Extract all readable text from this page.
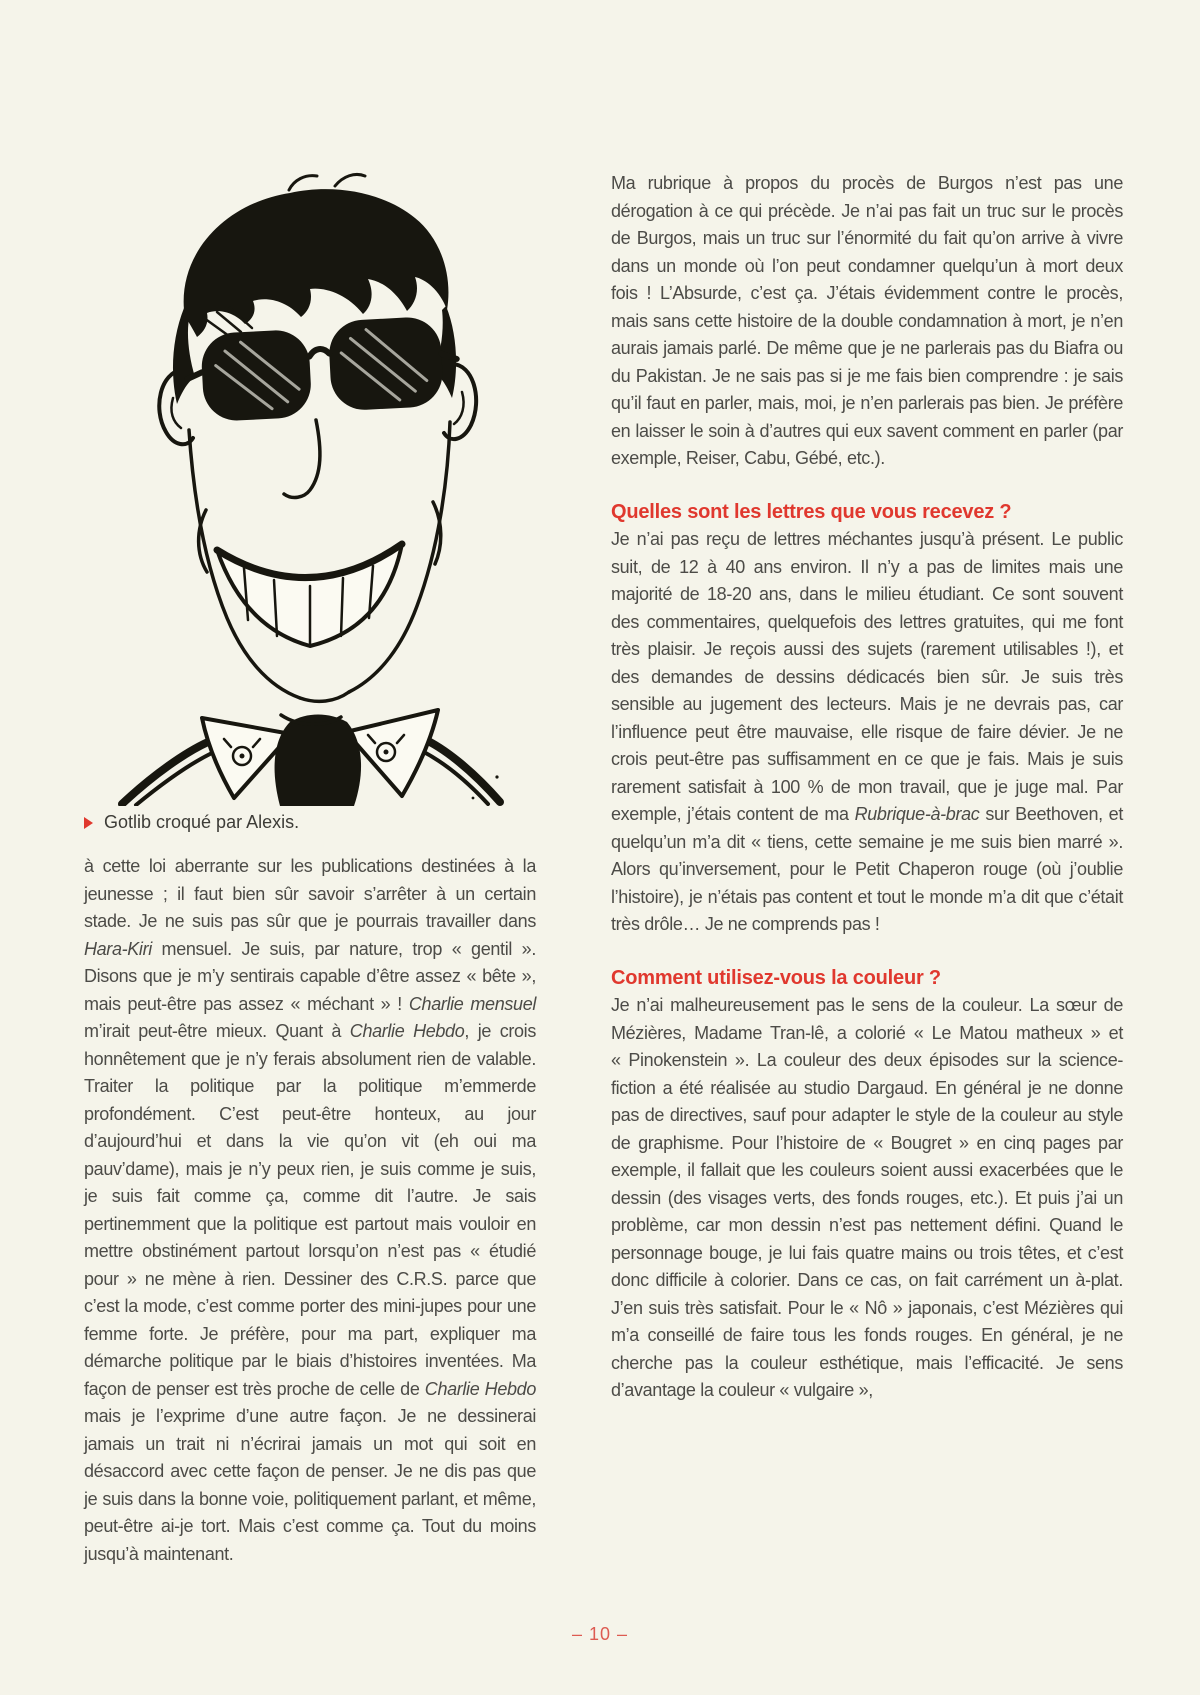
Gotlib croqué par Alexis.

à cette loi aberrante sur les publications destinées à la jeunesse ; il faut bien sûr savoir s’arrêter à un certain stade. Je ne suis pas sûr que je pourrais travailler dans Hara-Kiri mensuel. Je suis, par nature, trop « gentil ». Disons que je m’y sentirais capable d’être assez « bête », mais peut-être pas assez « méchant » ! Charlie mensuel m’irait peut-être mieux. Quant à Charlie Hebdo, je crois honnêtement que je n’y ferais absolument rien de valable. Traiter la politique par la politique m’emmerde profondément. C’est peut-être honteux, au jour d’aujourd’hui et dans la vie qu’on vit (eh oui ma pauv’dame), mais je n’y peux rien, je suis comme je suis, je suis fait comme ça, comme dit l’autre. Je sais pertinemment que la politique est partout mais vouloir en mettre obstinément partout lorsqu’on n’est pas « étudié pour » ne mène à rien. Dessiner des C.R.S. parce que c’est la mode, c’est comme porter des mini-jupes pour une femme forte. Je préfère, pour ma part, expliquer ma démarche politique par le biais d’histoires inventées. Ma façon de penser est très proche de celle de Charlie Hebdo mais je l’exprime d’une autre façon. Je ne dessinerai jamais un trait ni n’écrirai jamais un mot qui soit en désaccord avec cette façon de penser. Je ne dis pas que je suis dans la bonne voie, politiquement parlant, et même, peut-être ai-je tort. Mais c’est comme ça. Tout du moins jusqu’à maintenant.

Ma rubrique à propos du procès de Burgos n’est pas une dérogation à ce qui précède. Je n’ai pas fait un truc sur le procès de Burgos, mais un truc sur l’énormité du fait qu’on arrive à vivre dans un monde où l’on peut condamner quelqu’un à mort deux fois ! L’Absurde, c’est ça. J’étais évidemment contre le procès, mais sans cette histoire de la double condamnation à mort, je n’en aurais jamais parlé. De même que je ne parlerais pas du Biafra ou du Pakistan. Je ne sais pas si je me fais bien comprendre : je sais qu’il faut en parler, mais, moi, je n’en parlerais pas bien. Je préfère en laisser le soin à d’autres qui eux savent comment en parler (par exemple, Reiser, Cabu, Gébé, etc.).

Quelles sont les lettres que vous recevez ?

Je n’ai pas reçu de lettres méchantes jusqu’à présent. Le public suit, de 12 à 40 ans environ. Il n’y a pas de limites mais une majorité de 18-20 ans, dans le milieu étudiant. Ce sont souvent des commentaires, quelquefois des lettres gratuites, qui me font très plaisir. Je reçois aussi des sujets (rarement utilisables !), et des demandes de dessins dédicacés bien sûr. Je suis très sensible au jugement des lecteurs. Mais je ne devrais pas, car l’influence peut être mauvaise, elle risque de faire dévier. Je ne crois peut-être pas suffisamment en ce que je fais. Mais je suis rarement satisfait à 100 % de mon travail, que je juge mal. Par exemple, j’étais content de ma Rubrique-à-brac sur Beethoven, et quelqu’un m’a dit « tiens, cette semaine je me suis bien marré ». Alors qu’inversement, pour le Petit Chaperon rouge (où j’oublie l’histoire), je n’étais pas content et tout le monde m’a dit que c’était très drôle… Je ne comprends pas !

Comment utilisez-vous la couleur ?

Je n’ai malheureusement pas le sens de la couleur. La sœur de Mézières, Madame Tran-lê, a colorié « Le Matou matheux » et « Pinokenstein ». La couleur des deux épisodes sur la science-fiction a été réalisée au studio Dargaud. En général je ne donne pas de directives, sauf pour adapter le style de la couleur au style de graphisme. Pour l’histoire de « Bougret » en cinq pages par exemple, il fallait que les couleurs soient aussi exacerbées que le dessin (des visages verts, des fonds rouges, etc.). Et puis j’ai un problème, car mon dessin n’est pas nettement défini. Quand le personnage bouge, je lui fais quatre mains ou trois têtes, et c’est donc difficile à colorier. Dans ce cas, on fait carrément un à-plat. J’en suis très satisfait. Pour le « Nô » japonais, c’est Mézières qui m’a conseillé de faire tous les fonds rouges. En général, je ne cherche pas la couleur esthétique, mais l’efficacité. Je sens d’avantage la couleur « vulgaire »,

– 10 –
